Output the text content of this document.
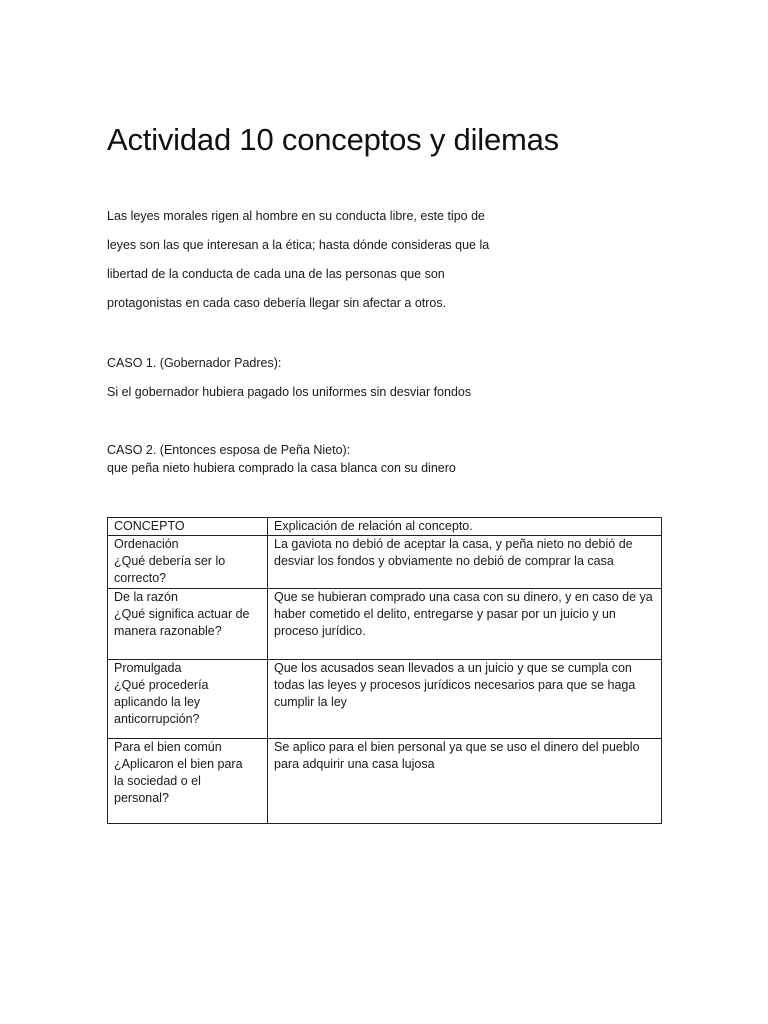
Actividad 10 conceptos y dilemas
Las leyes morales rigen al hombre en su conducta libre, este tipo de
leyes son las que interesan a la ética; hasta dónde consideras que la
libertad de la conducta de cada una de las personas que son
protagonistas en cada caso debería llegar sin afectar a otros.
CASO 1. (Gobernador Padres):
Si el gobernador hubiera pagado los uniformes sin desviar fondos
CASO 2. (Entonces esposa de Peña Nieto):
que peña nieto hubiera comprado la casa blanca con su dinero
CONCEPTO	Explicación de relación al concepto.

Ordenación
¿Qué debería ser lo
correcto?	La gaviota no debió de aceptar la casa, y peña nieto no debió de
desviar los fondos y obviamente no debió de comprar la casa

De la razón
¿Qué significa actuar de
manera razonable?	Que se hubieran comprado una casa con su dinero, y en caso de ya
haber cometido el delito, entregarse y pasar por un juicio y un
proceso jurídico.

Promulgada
¿Qué procedería
aplicando la ley
anticorrupción?	Que los acusados sean llevados a un juicio y que se cumpla con
todas las leyes y procesos jurídicos necesarios para que se haga
cumplir la ley

Para el bien común
¿Aplicaron el bien para
la sociedad o el
personal?	Se aplico para el bien personal ya que se uso el dinero del pueblo
para adquirir una casa lujosa
